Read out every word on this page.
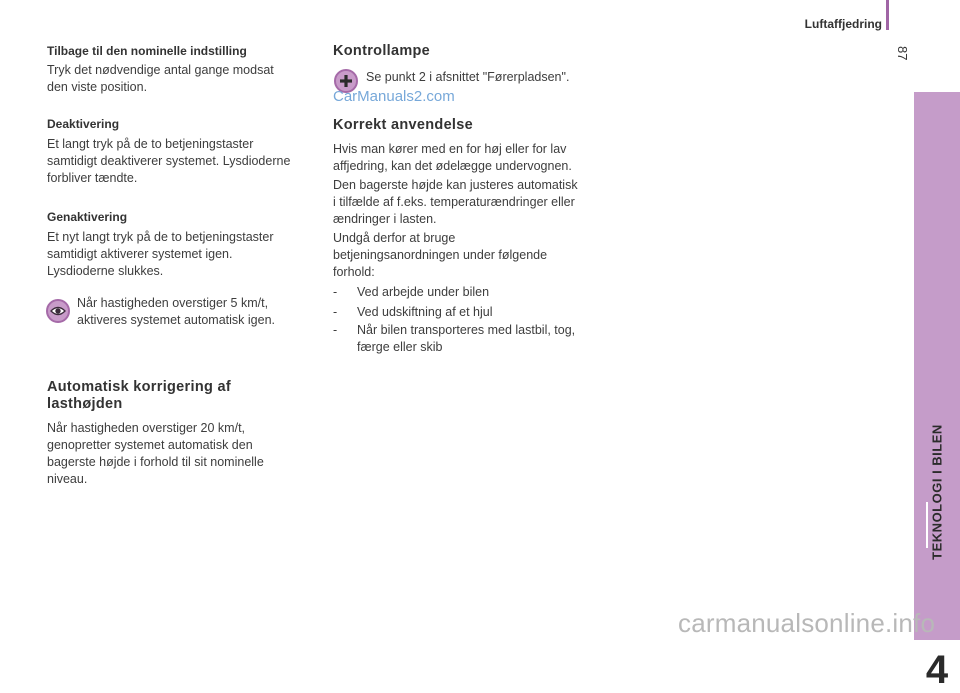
Luftaffjedring
87
TEKNOLOGI I BILEN
4
Tilbage til den nominelle indstilling
Tryk det nødvendige antal gange modsat
den viste position.
Deaktivering
Et langt tryk på de to betjeningstaster
samtidigt deaktiverer systemet. Lysdioderne
forbliver tændte.
Genaktivering
Et nyt langt tryk på de to betjeningstaster
samtidigt aktiverer systemet igen.
Lysdioderne slukkes.
Når hastigheden overstiger 5 km/t,
aktiveres systemet automatisk igen.
Automatisk korrigering af
lasthøjden
Når hastigheden overstiger 20 km/t,
genopretter systemet automatisk den
bagerste højde i forhold til sit nominelle
niveau.
Kontrollampe
Se punkt 2 i afsnittet "Førerpladsen".
CarManuals2.com
Korrekt anvendelse
Hvis man kører med en for høj eller for lav
affjedring, kan det ødelægge undervognen.
Den bagerste højde kan justeres automatisk
i tilfælde af f.eks. temperaturændringer eller
ændringer i lasten.
Undgå derfor at bruge
betjeningsanordningen under følgende
forhold:
- Ved arbejde under bilen
- Ved udskiftning af et hjul
- Når bilen transporteres med lastbil, tog,
færge eller skib
carmanualsonline.info
